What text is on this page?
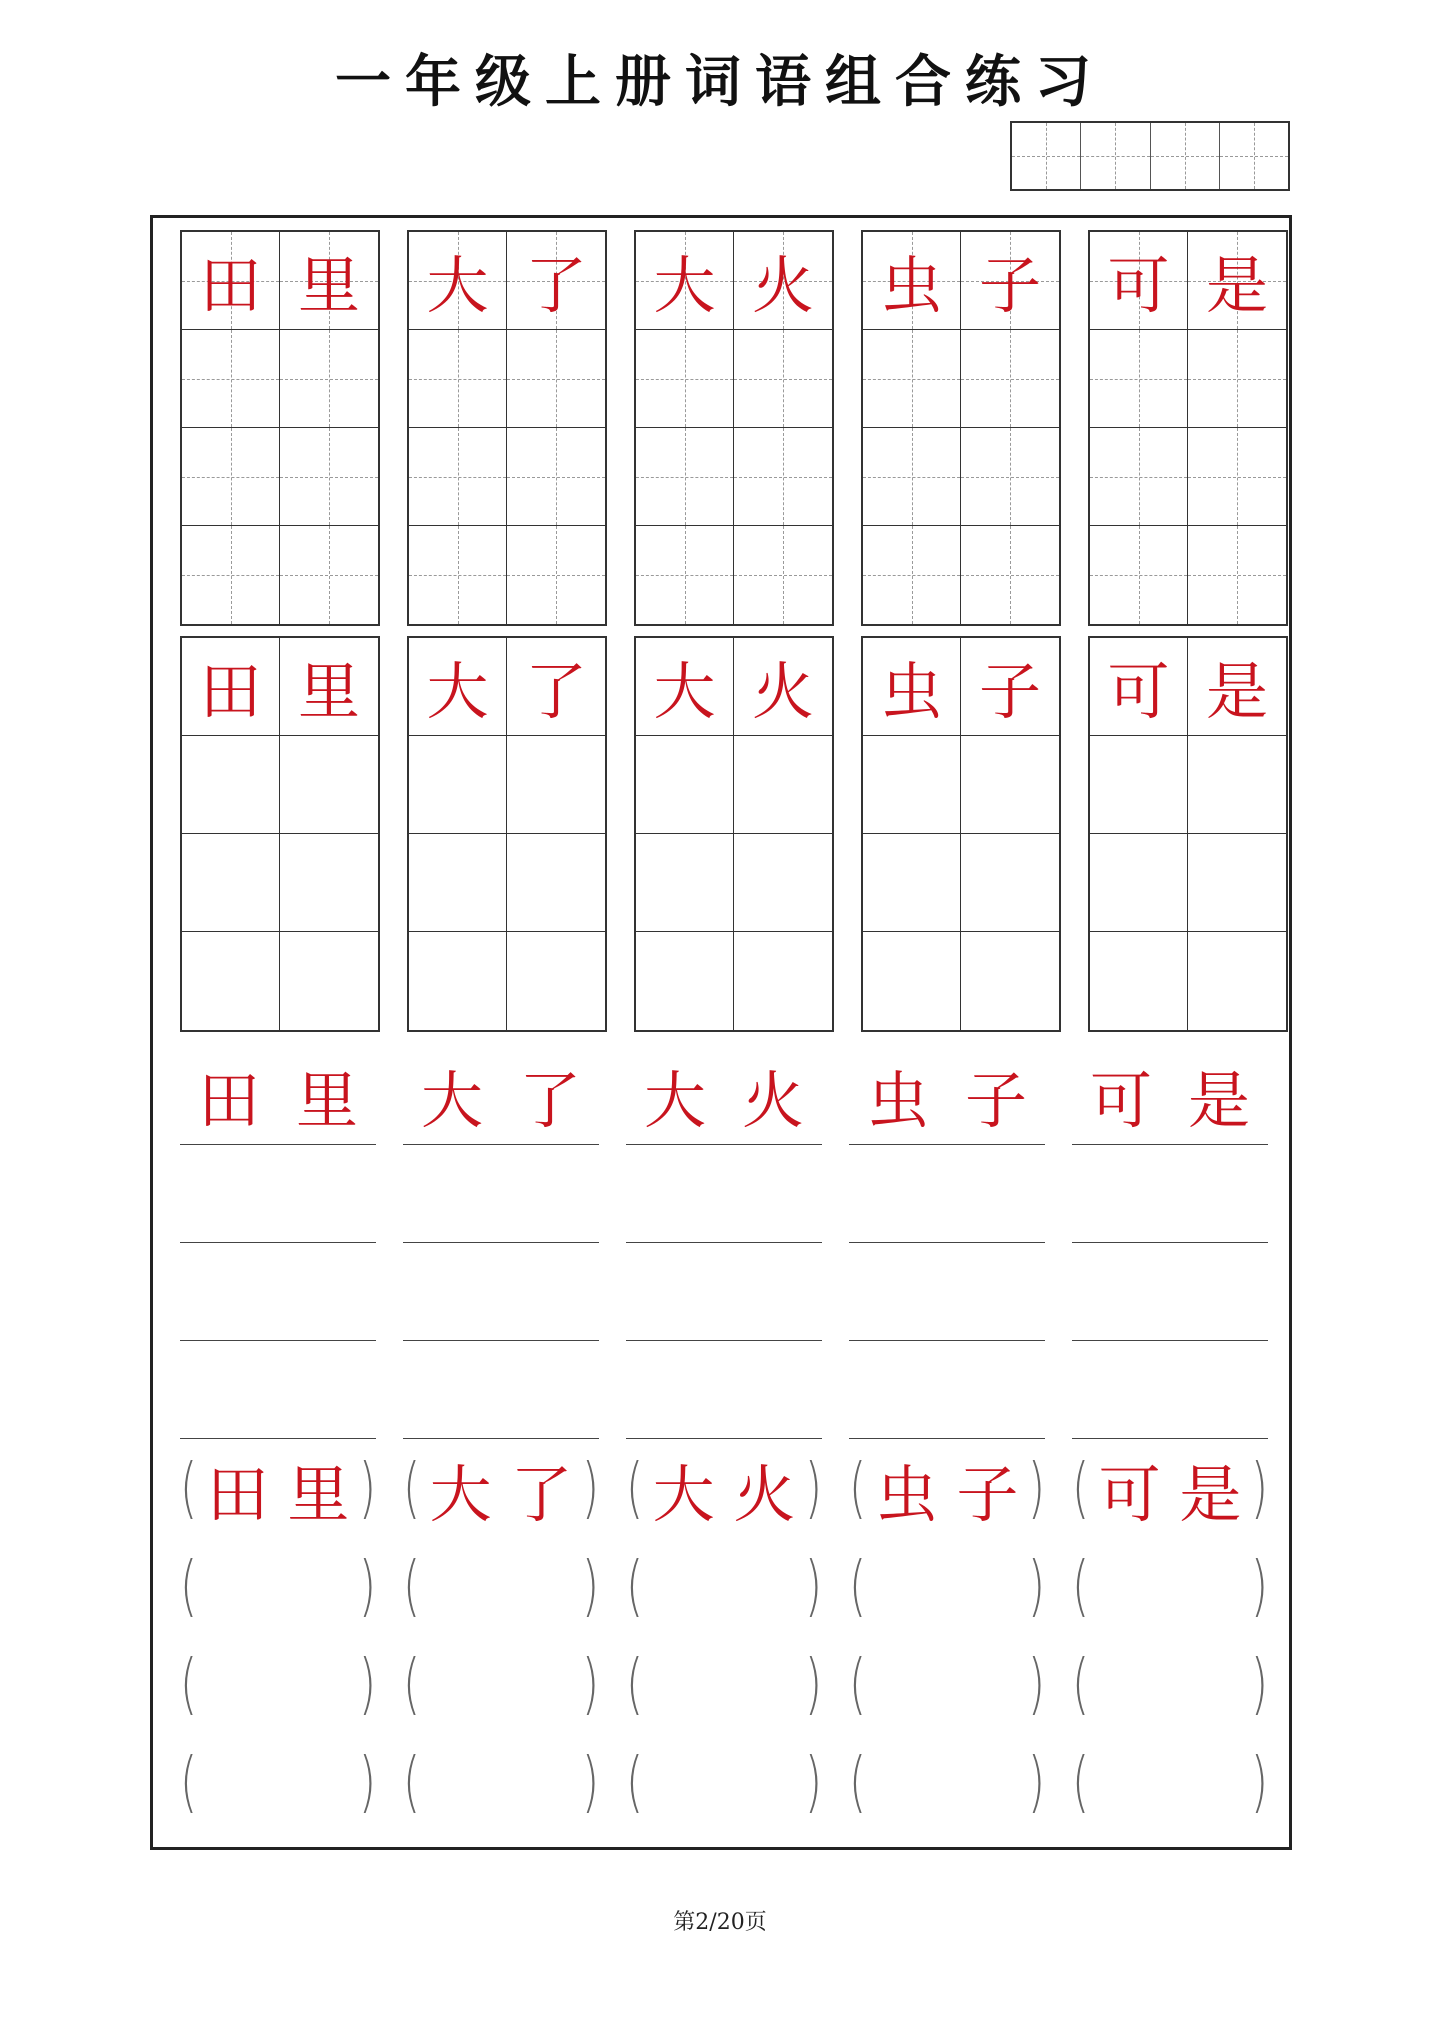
一年级上册词语组合练习
田 里 大 了 大 火 虫 子 可 是
田 里 大 了 大 火 虫 子 可 是
田 里 大 了 大 火 虫 子 可 是
( 田 里 )
(	)
(	)
(	)
( 大 了 )
(	)
(	)
(	)
( 大 火 )
(	)
(	)
(	)
( 虫 子 )
(	)
(	)
(	)
( 可 是 )
(	)
(	)
(	)
第2/20页
